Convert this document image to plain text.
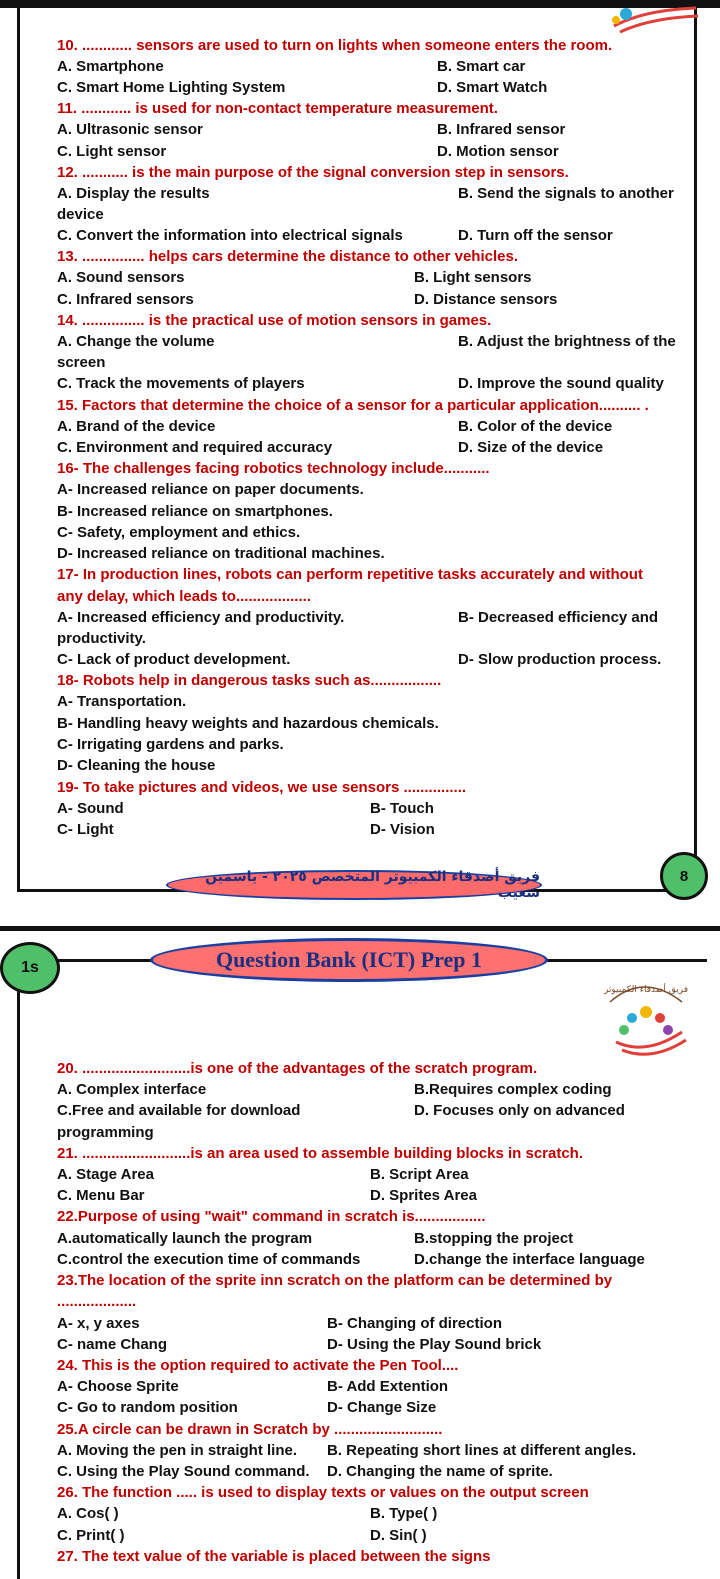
10. ............ sensors are used to turn on lights when someone enters the room.
A. Smartphone	B. Smart car
C. Smart Home Lighting System	D. Smart Watch
11. ............ is used for non-contact temperature measurement.
A. Ultrasonic sensor	B. Infrared sensor
C. Light sensor	D. Motion sensor
12. ........... is the main purpose of the signal conversion step in sensors.
A. Display the results	B. Send the signals to another
device
C. Convert the information into electrical signals	D. Turn off the sensor
13. ............... helps cars determine the distance to other vehicles.
A. Sound sensors	B. Light sensors
C. Infrared sensors	D. Distance sensors
14. ............... is the practical use of motion sensors in games.
A. Change the volume	B. Adjust the brightness of the
screen
C. Track the movements of players	D. Improve the sound quality
15. Factors that determine the choice of a sensor for a particular application.......... .
A. Brand of the device	B. Color of the device
C. Environment and required accuracy	D. Size of the device
16- The challenges facing robotics technology include...........
A- Increased reliance on paper documents.
B- Increased reliance on smartphones.
C- Safety, employment and ethics.
D- Increased reliance on traditional machines.
17- In production lines, robots can perform repetitive tasks accurately and without
any delay, which leads to..................
A- Increased efficiency and productivity.	B- Decreased efficiency and
productivity.
C- Lack of product development.	D- Slow production process.
18- Robots help in dangerous tasks such as.................
A- Transportation.
B- Handling heavy weights and hazardous chemicals.
C- Irrigating gardens and parks.
D- Cleaning the house
19- To take pictures and videos, we use sensors ...............
A- Sound	B- Touch
C- Light	D- Vision
فريق أصدقاء الكمبيوتر المتخصص ٢٠٢٥ - ياسمين شعيب
8
1s	Question Bank (ICT) Prep 1
فريق أصدقاء الكمبيوتر
20. ..........................is one of the advantages of the scratch program.
A. Complex interface	B.Requires complex coding
C.Free and available for download	D. Focuses only on advanced
programming
21. ..........................is an area used to assemble building blocks in scratch.
A. Stage Area	B. Script Area
C. Menu Bar	D. Sprites Area
22.Purpose of using "wait" command in scratch is.................
A.automatically launch the program	B.stopping the project
C.control the execution time of commands	D.change the interface language
23.The location of the sprite inn scratch on the platform can be determined by
...................
A- x, y axes	B- Changing of direction
C- name Chang	D- Using the Play Sound brick
24. This is the option required to activate the Pen Tool....
A- Choose Sprite	B- Add Extention
C- Go to random position	D- Change Size
25.A circle can be drawn in Scratch by ..........................
A. Moving the pen in straight line. B. Repeating short lines at different angles.
C. Using the Play Sound command. D. Changing the name of sprite.
26. The function ..... is used to display texts or values on the output screen
A. Cos( )	B. Type( )
C. Print( )	D. Sin( )
27. The text value of the variable is placed between the signs
